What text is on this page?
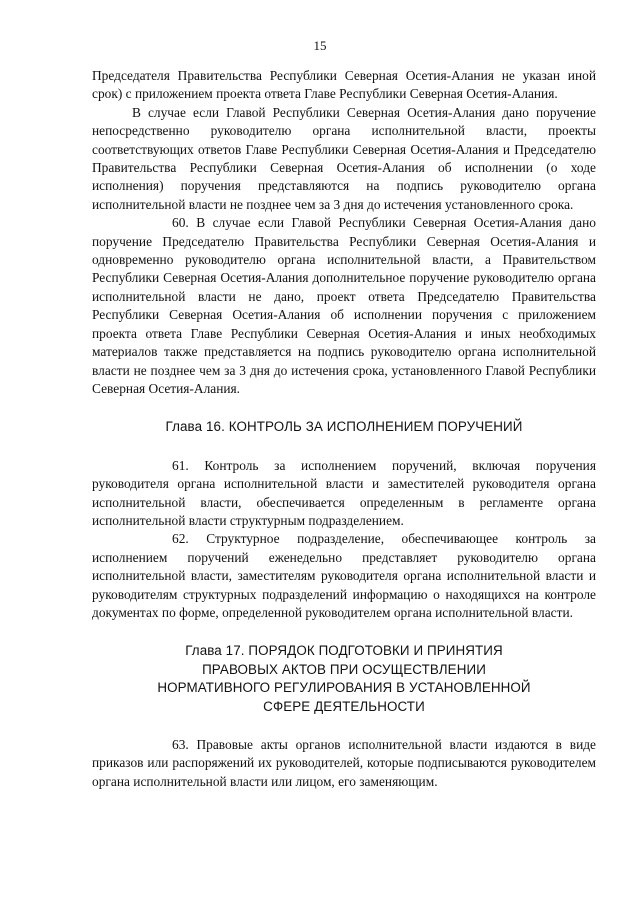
15

Председателя Правительства Республики Северная Осетия-Алания не указан иной срок) с приложением проекта ответа Главе Республики Северная Осетия-Алания.

В случае если Главой Республики Северная Осетия-Алания дано поручение непосредственно руководителю органа исполнительной власти, проекты соответствующих ответов Главе Республики Северная Осетия-Алания и Председателю Правительства Республики Северная Осетия-Алания об исполнении (о ходе исполнения) поручения представляются на подпись руководителю органа исполнительной власти не позднее чем за 3 дня до истечения установленного срока.

60. В случае если Главой Республики Северная Осетия-Алания дано поручение Председателю Правительства Республики Северная Осетия-Алания и одновременно руководителю органа исполнительной власти, а Правительством Республики Северная Осетия-Алания дополнительное поручение руководителю органа исполнительной власти не дано, проект ответа Председателю Правительства Республики Северная Осетия-Алания об исполнении поручения с приложением проекта ответа Главе Республики Северная Осетия-Алания и иных необходимых материалов также представляется на подпись руководителю органа исполнительной власти не позднее чем за 3 дня до истечения срока, установленного Главой Республики Северная Осетия-Алания.

Глава 16. КОНТРОЛЬ ЗА ИСПОЛНЕНИЕМ ПОРУЧЕНИЙ

61. Контроль за исполнением поручений, включая поручения руководителя органа исполнительной власти и заместителей руководителя органа исполнительной власти, обеспечивается определенным в регламенте органа исполнительной власти структурным подразделением.

62. Структурное подразделение, обеспечивающее контроль за исполнением поручений еженедельно представляет руководителю органа исполнительной власти, заместителям руководителя органа исполнительной власти и руководителям структурных подразделений информацию о находящихся на контроле документах по форме, определенной руководителем органа исполнительной власти.

Глава 17. ПОРЯДОК ПОДГОТОВКИ И ПРИНЯТИЯ
ПРАВОВЫХ АКТОВ ПРИ ОСУЩЕСТВЛЕНИИ
НОРМАТИВНОГО РЕГУЛИРОВАНИЯ В УСТАНОВЛЕННОЙ
СФЕРЕ ДЕЯТЕЛЬНОСТИ

63. Правовые акты органов исполнительной власти издаются в виде приказов или распоряжений их руководителей, которые подписываются руководителем органа исполнительной власти или лицом, его заменяющим.
